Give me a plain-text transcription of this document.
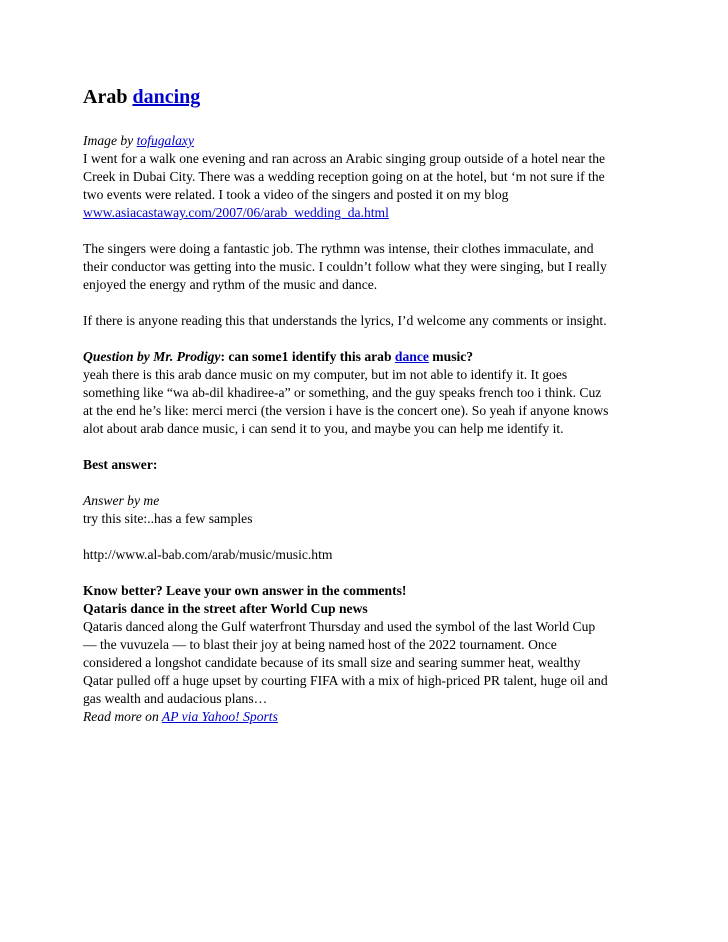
Arab dancing

Image by tofugalaxy
I went for a walk one evening and ran across an Arabic singing group outside of a hotel near the
Creek in Dubai City. There was a wedding reception going on at the hotel, but ‘m not sure if the
two events were related. I took a video of the singers and posted it on my blog
www.asiacastaway.com/2007/06/arab_wedding_da.html

The singers were doing a fantastic job. The rythmn was intense, their clothes immaculate, and
their conductor was getting into the music. I couldn’t follow what they were singing, but I really
enjoyed the energy and rythm of the music and dance.

If there is anyone reading this that understands the lyrics, I’d welcome any comments or insight.

Question by Mr. Prodigy: can some1 identify this arab dance music?
yeah there is this arab dance music on my computer, but im not able to identify it. It goes
something like “wa ab-dil khadiree-a” or something, and the guy speaks french too i think. Cuz
at the end he’s like: merci merci (the version i have is the concert one). So yeah if anyone knows
alot about arab dance music, i can send it to you, and maybe you can help me identify it.

Best answer:

Answer by me
try this site:..has a few samples

http://www.al-bab.com/arab/music/music.htm

Know better? Leave your own answer in the comments!
Qataris dance in the street after World Cup news
Qataris danced along the Gulf waterfront Thursday and used the symbol of the last World Cup
— the vuvuzela — to blast their joy at being named host of the 2022 tournament. Once
considered a longshot candidate because of its small size and searing summer heat, wealthy
Qatar pulled off a huge upset by courting FIFA with a mix of high-priced PR talent, huge oil and
gas wealth and audacious plans…
Read more on AP via Yahoo! Sports
